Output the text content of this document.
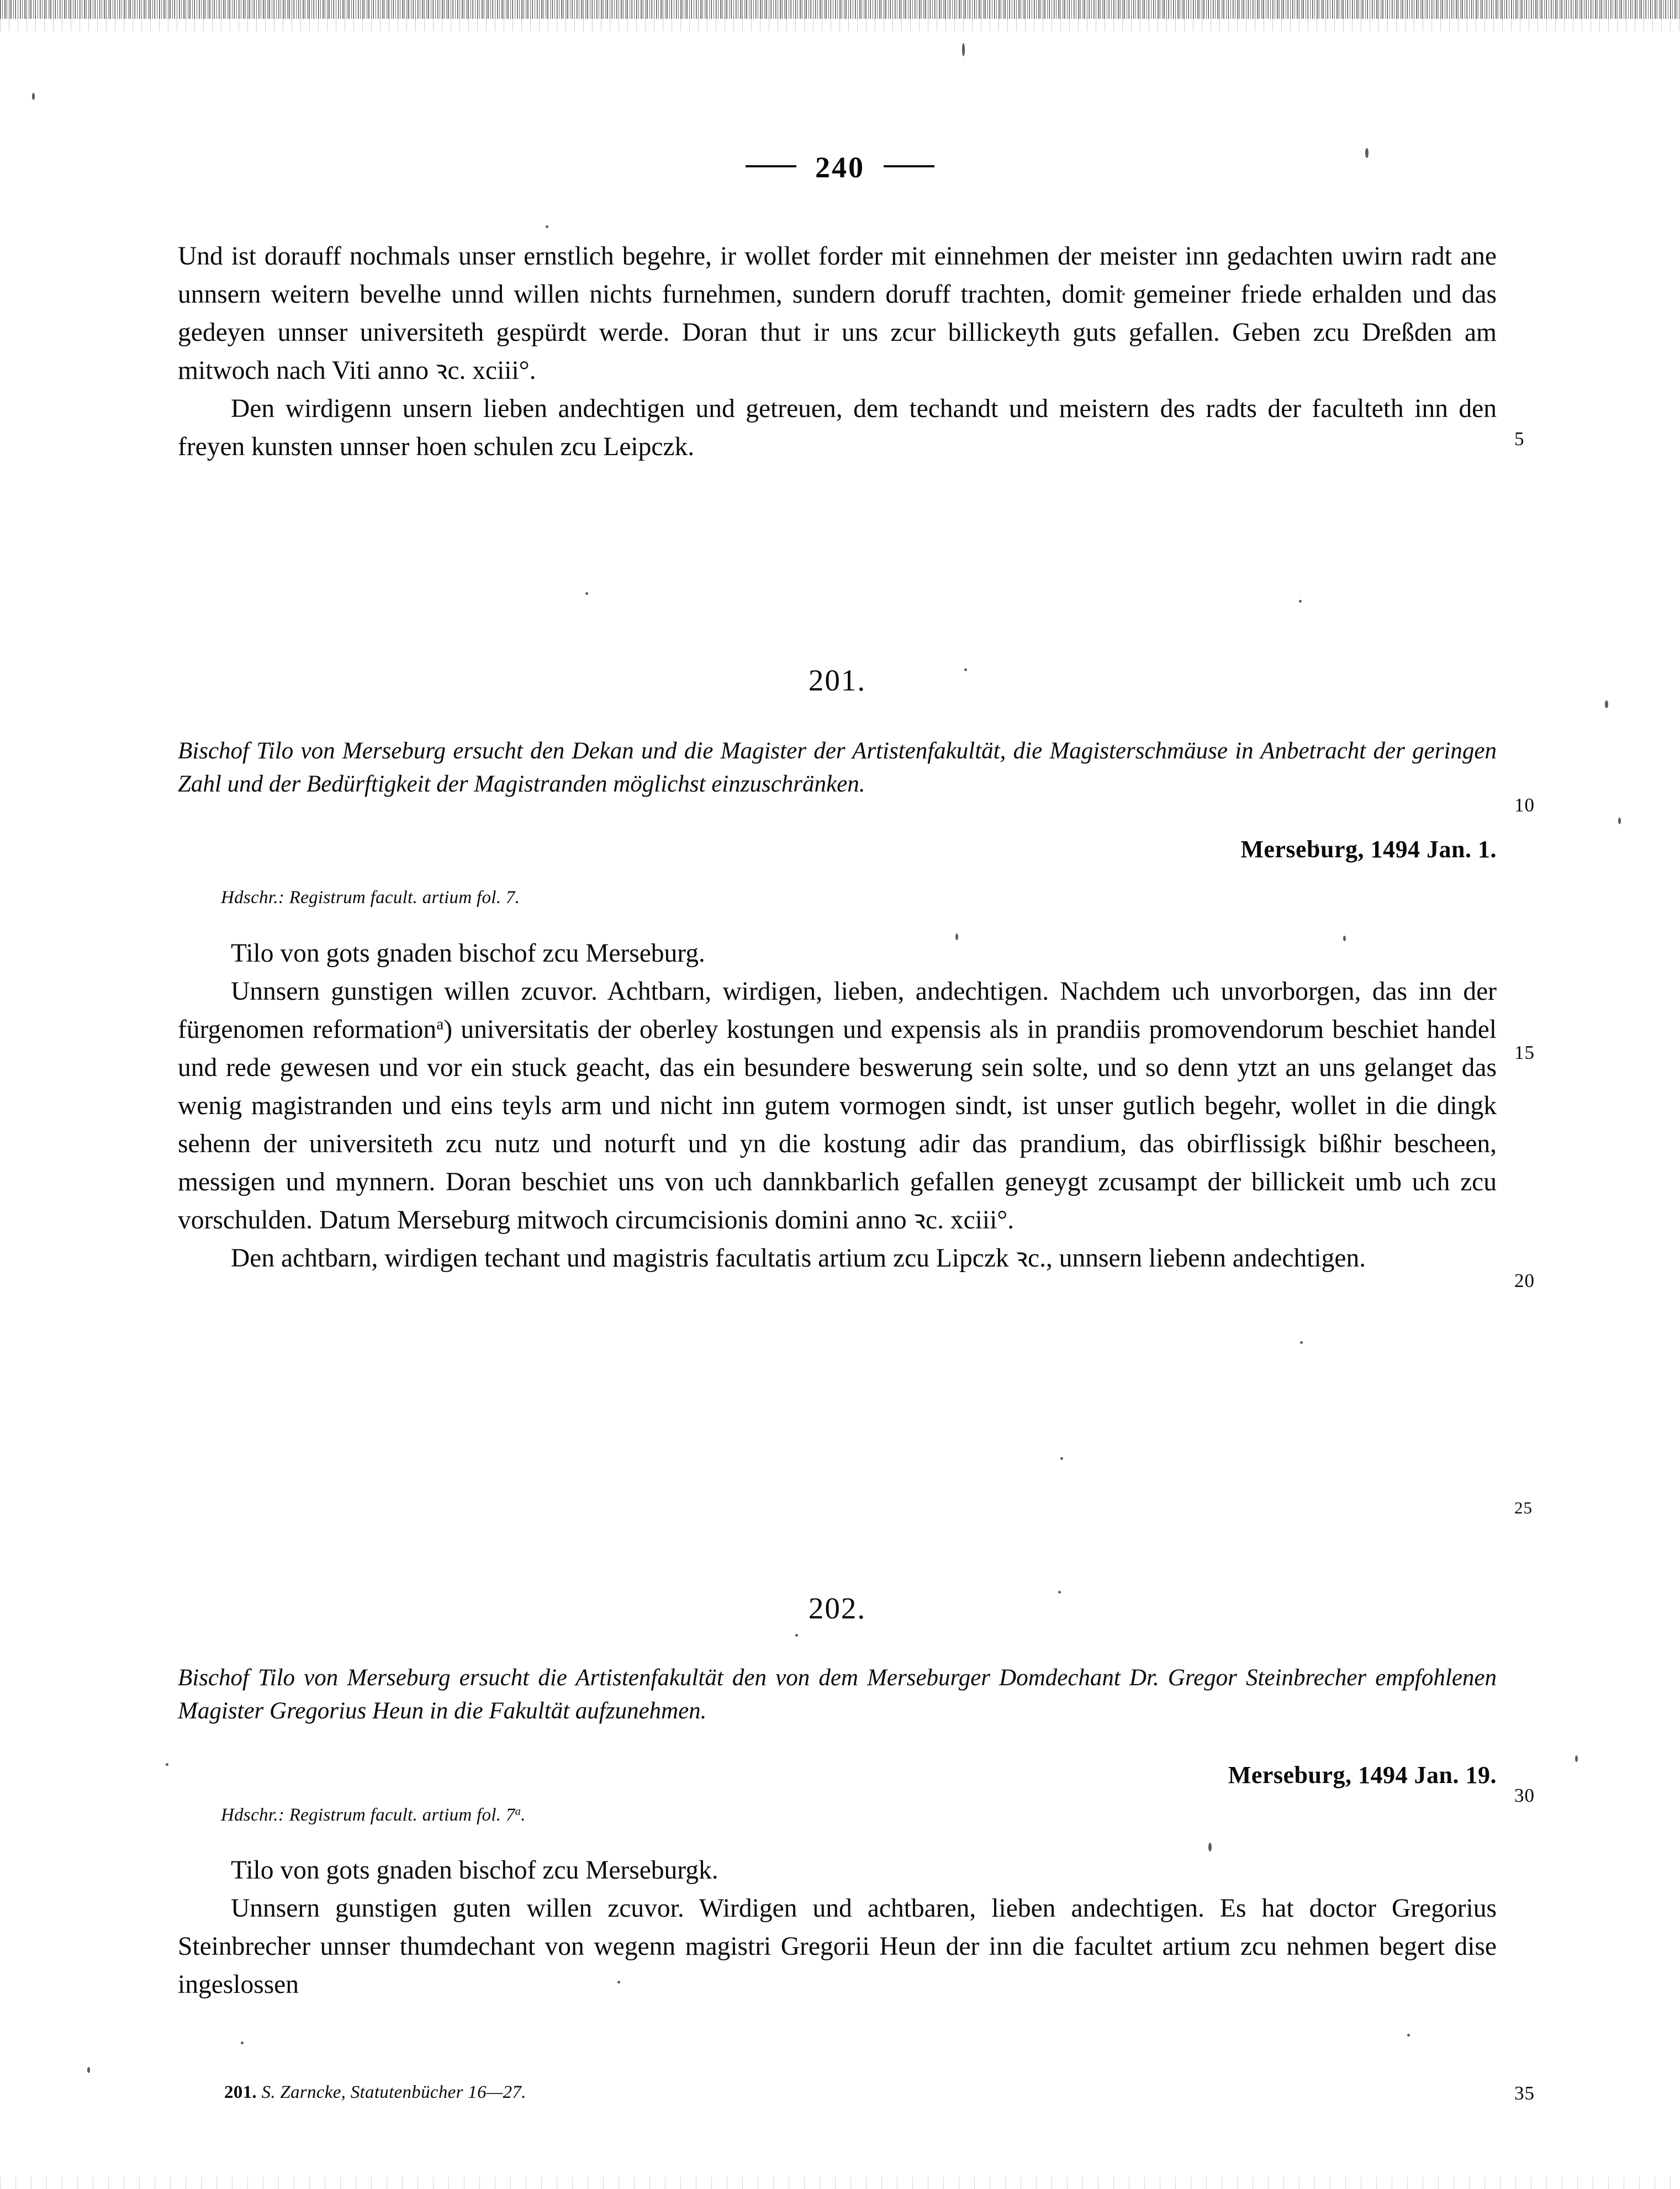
240

Und ist dorauff nochmals unser ernstlich begehre, ir wollet forder mit einnehmen der meister inn gedachten uwirn radt ane unnsern weitern bevelhe unnd willen nichts furnehmen, sundern doruff trachten, domit gemeiner friede erhalden und das gedeyen unnser universiteth gespürdt werde. Doran thut ir uns zcur billickeyth guts gefallen. Geben zcu Dreßden am mitwoch nach Viti anno ꝛc. xciii°.

Den wirdigenn unsern lieben andechtigen und getreuen, dem techandt und meistern des radts der faculteth inn den freyen kunsten unnser hoen schulen zcu Leipczk.	5
10
15
20
25
30
201.

Bischof Tilo von Merseburg ersucht den Dekan und die Magister der Artistenfakultät, die Magisterschmäuse in Anbetracht der geringen Zahl und der Bedürftigkeit der Magistranden möglichst einzuschränken.

Merseburg, 1494 Jan. 1.
Hdschr.: Registrum facult. artium fol. 7.

Tilo von gots gnaden bischof zcu Merseburg.

Unnsern gunstigen willen zcuvor. Achtbarn, wirdigen, lieben, andechtigen. Nachdem uch unvorborgen, das inn der fürgenomen reformation$^a$) universitatis der oberley kostungen und expensis als in prandiis promovendorum beschiet handel und rede gewesen und vor ein stuck geacht, das ein besundere beswerung sein solte, und so denn ytzt an uns gelanget das wenig magistranden und eins teyls arm und nicht inn gutem vormogen sindt, ist unser gutlich begehr, wollet in die dingk sehenn der universiteth zcu nutz und noturft und yn die kostung adir das prandium, das obirflissigk bißhir bescheen, messigen und mynnern. Doran beschiet uns von uch dannkbarlich gefallen geneygt zcusampt der billickeit umb uch zcu vorschulden. Datum Merseburg mitwoch circumcisionis domini anno ꝛc. xciii°.

Den achtbarn, wirdigen techant und magistris facultatis artium zcu Lipczk ꝛc., unnsern liebenn andechtigen.

202.

Bischof Tilo von Merseburg ersucht die Artistenfakultät den von dem Merseburger Domdechant Dr. Gregor Steinbrecher empfohlenen Magister Gregorius Heun in die Fakultät aufzunehmen.

Merseburg, 1494 Jan. 19.
Hdschr.: Registrum facult. artium fol. 7$^a$.

Tilo von gots gnaden bischof zcu Merseburgk.

Unnsern gunstigen guten willen zcuvor. Wirdigen und achtbaren, lieben andechtigen. Es hat doctor Gregorius Steinbrecher unnser thumdechant von wegenn magistri Gregorii Heun der inn die facultet artium zcu nehmen begert dise ingeslossen

201. S. Zarncke, Statutenbücher 16—27.	35
